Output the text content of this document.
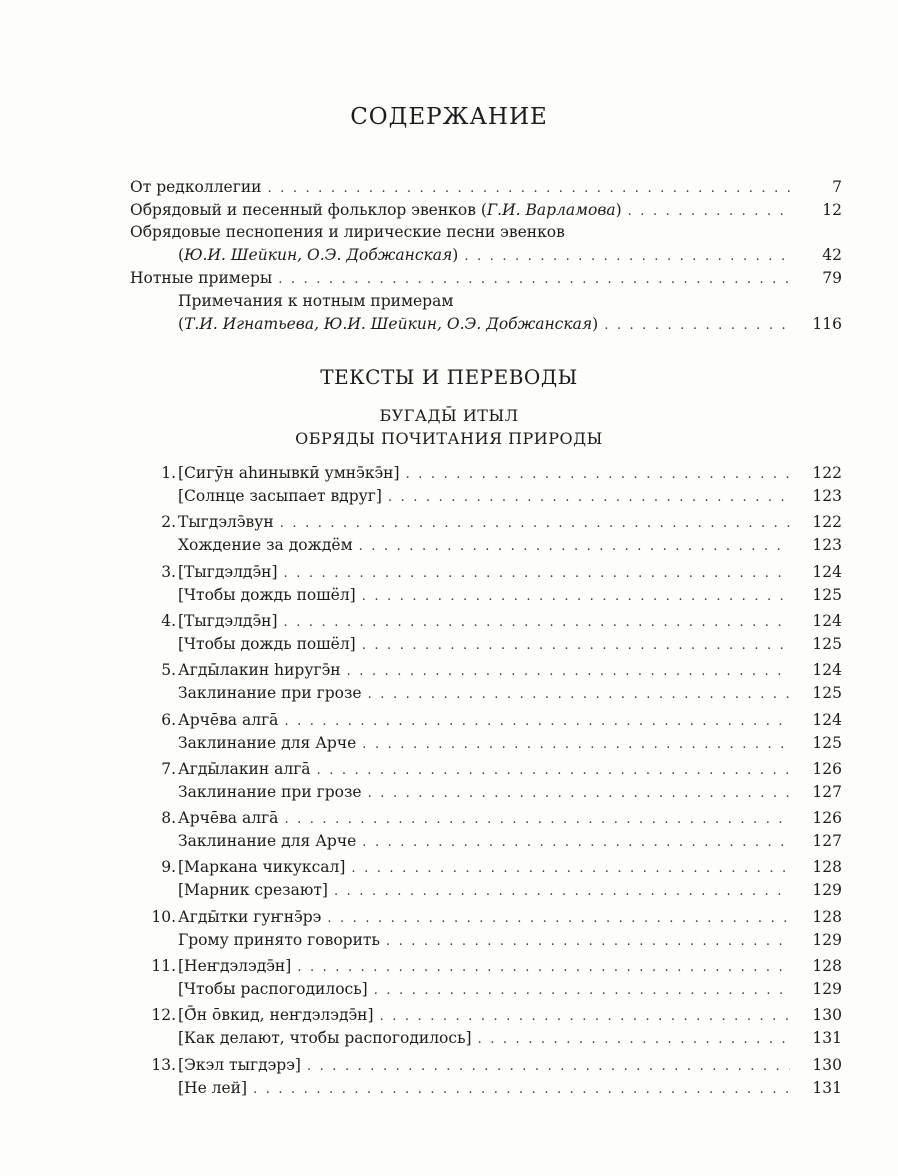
СОДЕРЖАНИЕ
От редколлегии . . .	7
Обрядовый и песенный фольклор эвенков (Г.И. Варламова) . . .	12
Обрядовые песнопения и лирические песни эвенков
(Ю.И. Шейкин, О.Э. Добжанская) . . .	42
Нотные примеры . . .	79
Примечания к нотным примерам
(Т.И. Игнатьева, Ю.И. Шейкин, О.Э. Добжанская) . . .	116
ТЕКСТЫ И ПЕРЕВОДЫ
БУГАДЫ̄ ИТЫЛ
ОБРЯДЫ ПОЧИТАНИЯ ПРИРОДЫ
1. [Сигӯн аһинывкӣ умнэ̄кэ̄н] . . .	122
[Солнце засыпает вдруг] . . .	123
2. Тыгдэлэ̄вун . . .	122
Хождение за дождём . . .	123
3. [Тыгдэлдэ̄н] . . .	124
[Чтобы дождь пошёл] . . .	125
4. [Тыгдэлдэ̄н] . . .	124
[Чтобы дождь пошёл] . . .	125
5. Агды̄лакин һиругэ̄н . . .	124
Заклинание при грозе . . .	125
6. Арчēва алгā . . .	124
Заклинание для Арче . . .	125
7. Агды̄лакин алгā . . .	126
Заклинание при грозе . . .	127
8. Арчēва алгā . . .	126
Заклинание для Арче . . .	127
9. [Маркана чикуксал] . . .	128
[Марник срезают] . . .	129
10. Агды̄тки гуҥнэ̄рэ . . .	128
Грому принято говорить . . .	129
11. [Неҥдэлэдэ̄н] . . .	128
[Чтобы распогодилось] . . .	129
12. [Ō̄н ōвкид, неҥдэлэдэ̄н] . . .	130
[Как делают, чтобы распогодилось] . . .	131
13. [Экэл тыгдэрэ] . . .	130
[Не лей] . . .	131
